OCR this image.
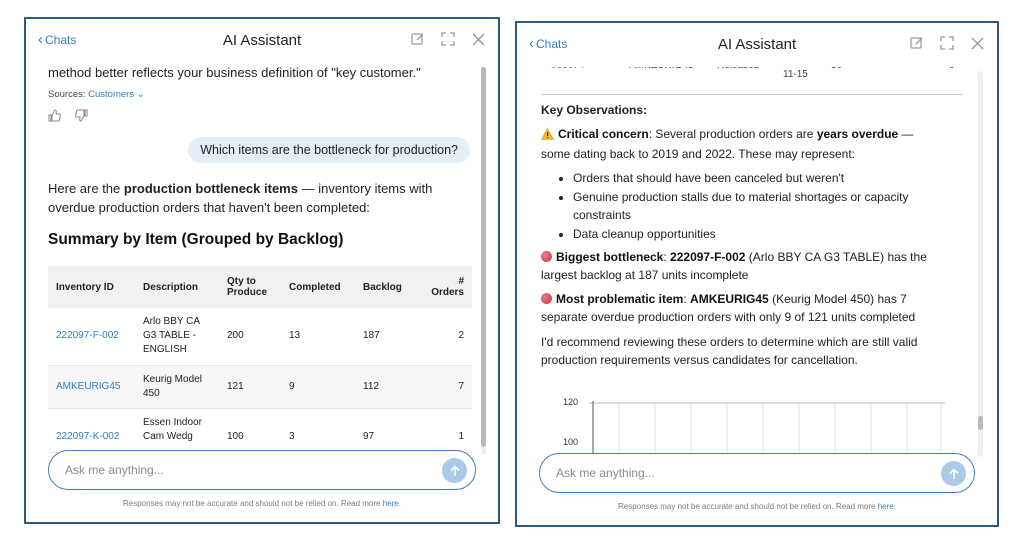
‹ Chats	AI Assistant
method better reflects your business definition of "key customer."
Sources: Customers ⌄
Which items are the bottleneck for production?
Here are the production bottleneck items — inventory items with
overdue production orders that haven't been completed:
Summary by Item (Grouped by Backlog)
Inventory ID	Description	Qty to Produce	Completed	Backlog	# Orders
222097-F-002	Arlo BBY CA
G3 TABLE -
ENGLISH	200	13	187	2
AMKEURIG45	Keurig Model
450	121	9	112	7
222097-K-002	Essen Indoor
Cam Wedg	100	3	97	1
Ask me anything...
Responses may not be accurate and should not be relied on. Read more here.
‹ Chats	AI Assistant
11-15
Key Observations:
Critical concern: Several production orders are years overdue —
some dating back to 2019 and 2022. These may represent:
• Orders that should have been canceled but weren't
• Genuine production stalls due to material shortages or capacity
constraints
• Data cleanup opportunities
Biggest bottleneck: 222097-F-002 (Arlo BBY CA G3 TABLE) has the
largest backlog at 187 units incomplete
Most problematic item: AMKEURIG45 (Keurig Model 450) has 7
separate overdue production orders with only 9 of 121 units completed
I'd recommend reviewing these orders to determine which are still valid
production requirements versus candidates for cancellation.
120
100
Ask me anything...
Responses may not be accurate and should not be relied on. Read more here.
